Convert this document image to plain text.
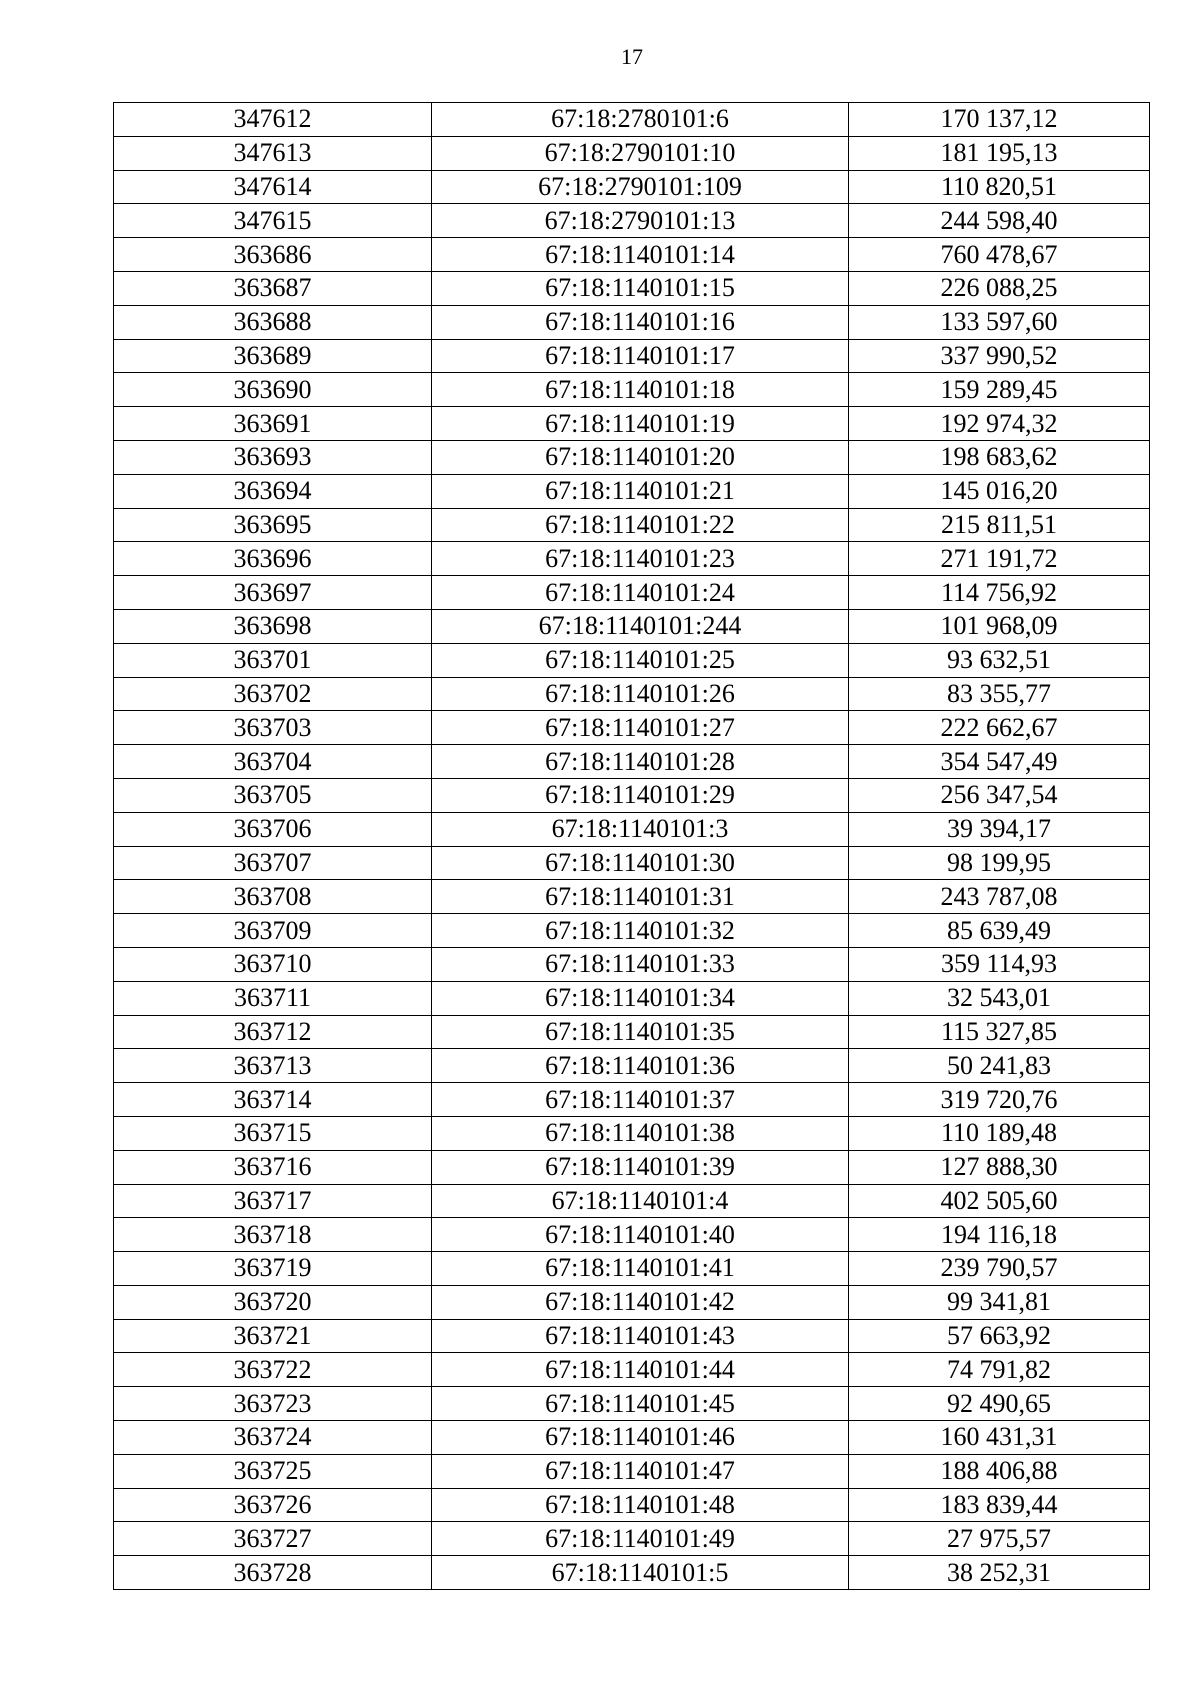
17
347612	67:18:2780101:6	170 137,12
347613	67:18:2790101:10	181 195,13
347614	67:18:2790101:109	110 820,51
347615	67:18:2790101:13	244 598,40
363686	67:18:1140101:14	760 478,67
363687	67:18:1140101:15	226 088,25
363688	67:18:1140101:16	133 597,60
363689	67:18:1140101:17	337 990,52
363690	67:18:1140101:18	159 289,45
363691	67:18:1140101:19	192 974,32
363693	67:18:1140101:20	198 683,62
363694	67:18:1140101:21	145 016,20
363695	67:18:1140101:22	215 811,51
363696	67:18:1140101:23	271 191,72
363697	67:18:1140101:24	114 756,92
363698	67:18:1140101:244	101 968,09
363701	67:18:1140101:25	93 632,51
363702	67:18:1140101:26	83 355,77
363703	67:18:1140101:27	222 662,67
363704	67:18:1140101:28	354 547,49
363705	67:18:1140101:29	256 347,54
363706	67:18:1140101:3	39 394,17
363707	67:18:1140101:30	98 199,95
363708	67:18:1140101:31	243 787,08
363709	67:18:1140101:32	85 639,49
363710	67:18:1140101:33	359 114,93
363711	67:18:1140101:34	32 543,01
363712	67:18:1140101:35	115 327,85
363713	67:18:1140101:36	50 241,83
363714	67:18:1140101:37	319 720,76
363715	67:18:1140101:38	110 189,48
363716	67:18:1140101:39	127 888,30
363717	67:18:1140101:4	402 505,60
363718	67:18:1140101:40	194 116,18
363719	67:18:1140101:41	239 790,57
363720	67:18:1140101:42	99 341,81
363721	67:18:1140101:43	57 663,92
363722	67:18:1140101:44	74 791,82
363723	67:18:1140101:45	92 490,65
363724	67:18:1140101:46	160 431,31
363725	67:18:1140101:47	188 406,88
363726	67:18:1140101:48	183 839,44
363727	67:18:1140101:49	27 975,57
363728	67:18:1140101:5	38 252,31
